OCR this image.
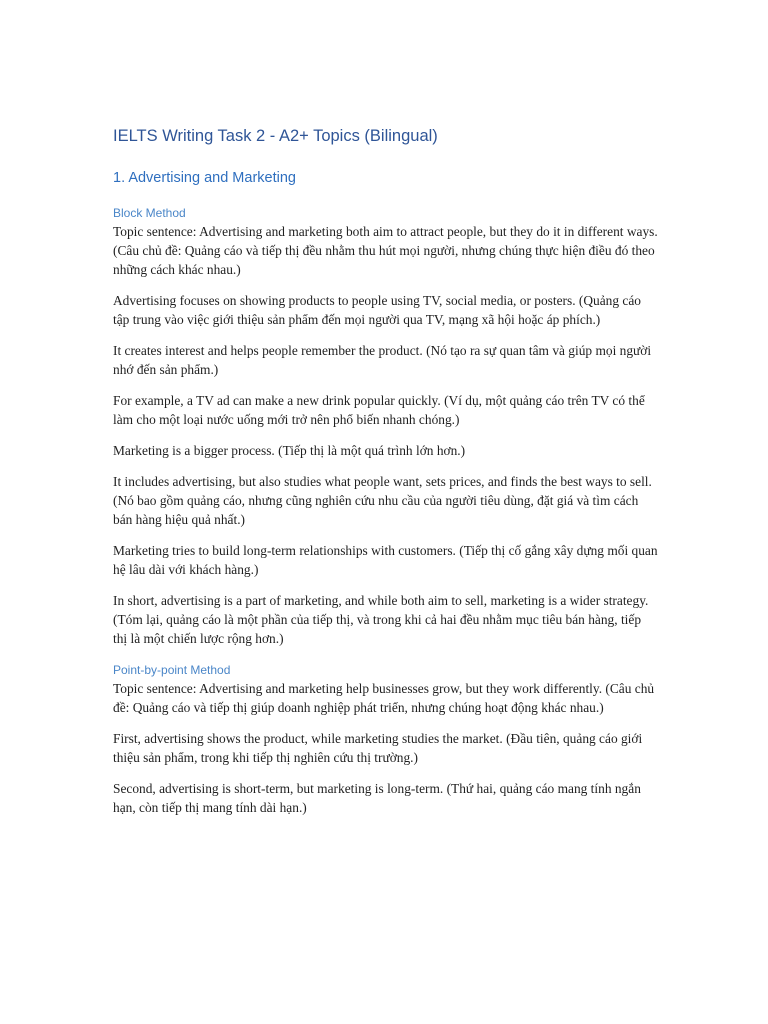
IELTS Writing Task 2 - A2+ Topics (Bilingual)
1. Advertising and Marketing
Block Method
Topic sentence: Advertising and marketing both aim to attract people, but they do it in different ways. (Câu chủ đề: Quảng cáo và tiếp thị đều nhằm thu hút mọi người, nhưng chúng thực hiện điều đó theo những cách khác nhau.)
Advertising focuses on showing products to people using TV, social media, or posters. (Quảng cáo tập trung vào việc giới thiệu sản phẩm đến mọi người qua TV, mạng xã hội hoặc áp phích.)
It creates interest and helps people remember the product. (Nó tạo ra sự quan tâm và giúp mọi người nhớ đến sản phẩm.)
For example, a TV ad can make a new drink popular quickly. (Ví dụ, một quảng cáo trên TV có thể làm cho một loại nước uống mới trở nên phổ biến nhanh chóng.)
Marketing is a bigger process. (Tiếp thị là một quá trình lớn hơn.)
It includes advertising, but also studies what people want, sets prices, and finds the best ways to sell. (Nó bao gồm quảng cáo, nhưng cũng nghiên cứu nhu cầu của người tiêu dùng, đặt giá và tìm cách bán hàng hiệu quả nhất.)
Marketing tries to build long-term relationships with customers. (Tiếp thị cố gắng xây dựng mối quan hệ lâu dài với khách hàng.)
In short, advertising is a part of marketing, and while both aim to sell, marketing is a wider strategy. (Tóm lại, quảng cáo là một phần của tiếp thị, và trong khi cả hai đều nhằm mục tiêu bán hàng, tiếp thị là một chiến lược rộng hơn.)
Point-by-point Method
Topic sentence: Advertising and marketing help businesses grow, but they work differently. (Câu chủ đề: Quảng cáo và tiếp thị giúp doanh nghiệp phát triển, nhưng chúng hoạt động khác nhau.)
First, advertising shows the product, while marketing studies the market. (Đầu tiên, quảng cáo giới thiệu sản phẩm, trong khi tiếp thị nghiên cứu thị trường.)
Second, advertising is short-term, but marketing is long-term. (Thứ hai, quảng cáo mang tính ngắn hạn, còn tiếp thị mang tính dài hạn.)
